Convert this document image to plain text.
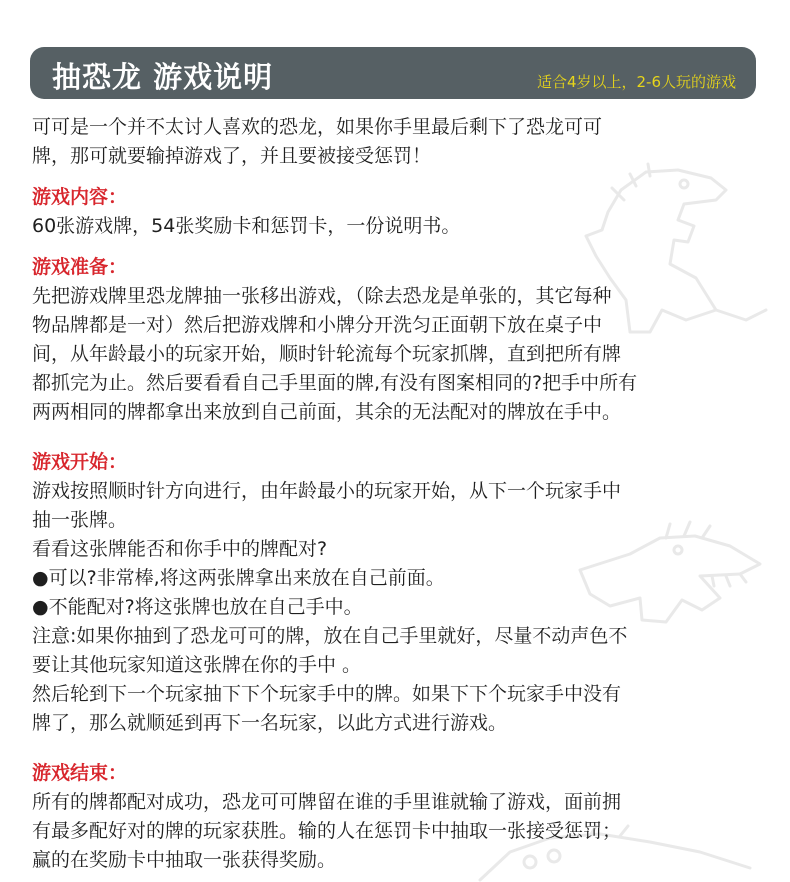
抽恐龙 游戏说明	适合4岁以上，2-6人玩的游戏

可可是一个并不太讨人喜欢的恐龙，如果你手里最后剩下了恐龙可可

牌，那可就要输掉游戏了，并且要被接受惩罚！

游戏内容：

60张游戏牌，54张奖励卡和惩罚卡，一份说明书。

游戏准备：

先把游戏牌里恐龙牌抽一张移出游戏，（除去恐龙是单张的，其它每种

物品牌都是一对）然后把游戏牌和小牌分开洗匀正面朝下放在桌子中

间，从年龄最小的玩家开始，顺时针轮流每个玩家抓牌，直到把所有牌

都抓完为止。然后要看看自己手里面的牌,有没有图案相同的?把手中所有

两两相同的牌都拿出来放到自己前面，其余的无法配对的牌放在手中。

游戏开始：

游戏按照顺时针方向进行，由年龄最小的玩家开始，从下一个玩家手中

抽一张牌。

看看这张牌能否和你手中的牌配对?

●可以?非常棒,将这两张牌拿出来放在自己前面。

●不能配对?将这张牌也放在自己手中。

注意:如果你抽到了恐龙可可的牌，放在自己手里就好，尽量不动声色不

要让其他玩家知道这张牌在你的手中 。

然后轮到下一个玩家抽下下个玩家手中的牌。如果下下个玩家手中没有

牌了，那么就顺延到再下一名玩家，以此方式进行游戏。

游戏结束：

所有的牌都配对成功，恐龙可可牌留在谁的手里谁就输了游戏，面前拥

有最多配好对的牌的玩家获胜。输的人在惩罚卡中抽取一张接受惩罚；

赢的在奖励卡中抽取一张获得奖励。
